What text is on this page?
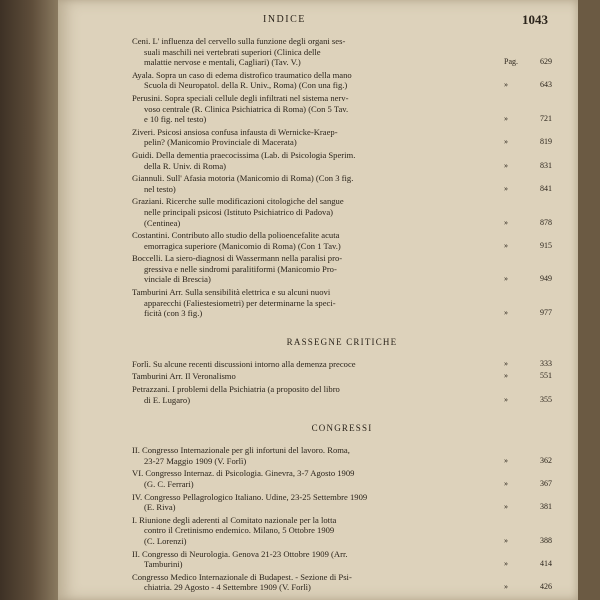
INDICE	1043
Ceni. L' influenza del cervello sulla funzione degli organi ses-
suali maschili nei vertebrati superiori (Clinica delle
malattie nervose e mentali, Cagliari) (Tav. V.)	Pag.	629
Ayala. Sopra un caso di edema distrofico traumatico della mano
Scuola di Neuropatol. della R. Univ., Roma) (Con una fig.)	»	643
Perusini. Sopra speciali cellule degli infiltrati nel sistema nerv-
voso centrale (R. Clinica Psichiatrica di Roma) (Con 5 Tav.
e 10 fig. nel testo)	»	721
Ziveri. Psicosi ansiosa confusa infausta di Wernicke-Kraep-
pelin? (Manicomio Provinciale di Macerata)	»	819
Guidi. Della dementia praecocissima (Lab. di Psicologia Sperim.
della R. Univ. di Roma)	»	831
Giannuli. Sull' Afasia motoria (Manicomio di Roma) (Con 3 fig.
nel testo)	»	841
Graziani. Ricerche sulle modificazioni citologiche del sangue
nelle principali psicosi (Istituto Psichiatrico di Padova)
(Centinea)	»	878
Costantini. Contributo allo studio della polioencefalite acuta
emorragica superiore (Manicomio di Roma) (Con 1 Tav.)	»	915
Boccelli. La siero-diagnosi di Wassermann nella paralisi pro-
gressiva e nelle sindromi paralitiformi (Manicomio Pro-
vinciale di Brescia)	»	949
Tamburini Arr. Sulla sensibilità elettrica e su alcuni nuovi
apparecchi (Faliestesiometri) per determinarne la speci-
ficità (con 3 fig.)	»	977
RASSEGNE CRITICHE
Forlì. Su alcune recenti discussioni intorno alla demenza precoce	»	333
Tamburini Arr. Il Veronalismo	»	551
Petrazzani. I problemi della Psichiatria (a proposito del libro
di E. Lugaro)	»	355
CONGRESSI
II. Congresso Internazionale per gli infortuni del lavoro. Roma,
23-27 Maggio 1909 (V. Forlì)	»	362
VI. Congresso Internaz. di Psicologia. Ginevra, 3-7 Agosto 1909
(G. C. Ferrari)	»	367
IV. Congresso Pellagrologico Italiano. Udine, 23-25 Settembre 1909
(E. Riva)	»	381
I. Riunione degli aderenti al Comitato nazionale per la lotta
contro il Cretinismo endemico. Milano, 5 Ottobre 1909
(C. Lorenzi)	»	388
II. Congresso di Neurologia. Genova 21-23 Ottobre 1909 (Arr.
Tamburini)	»	414
Congresso Medico Internazionale di Budapest. - Sezione di Psi-
chiatria. 29 Agosto - 4 Settembre 1909 (V. Forlì)	»	426
